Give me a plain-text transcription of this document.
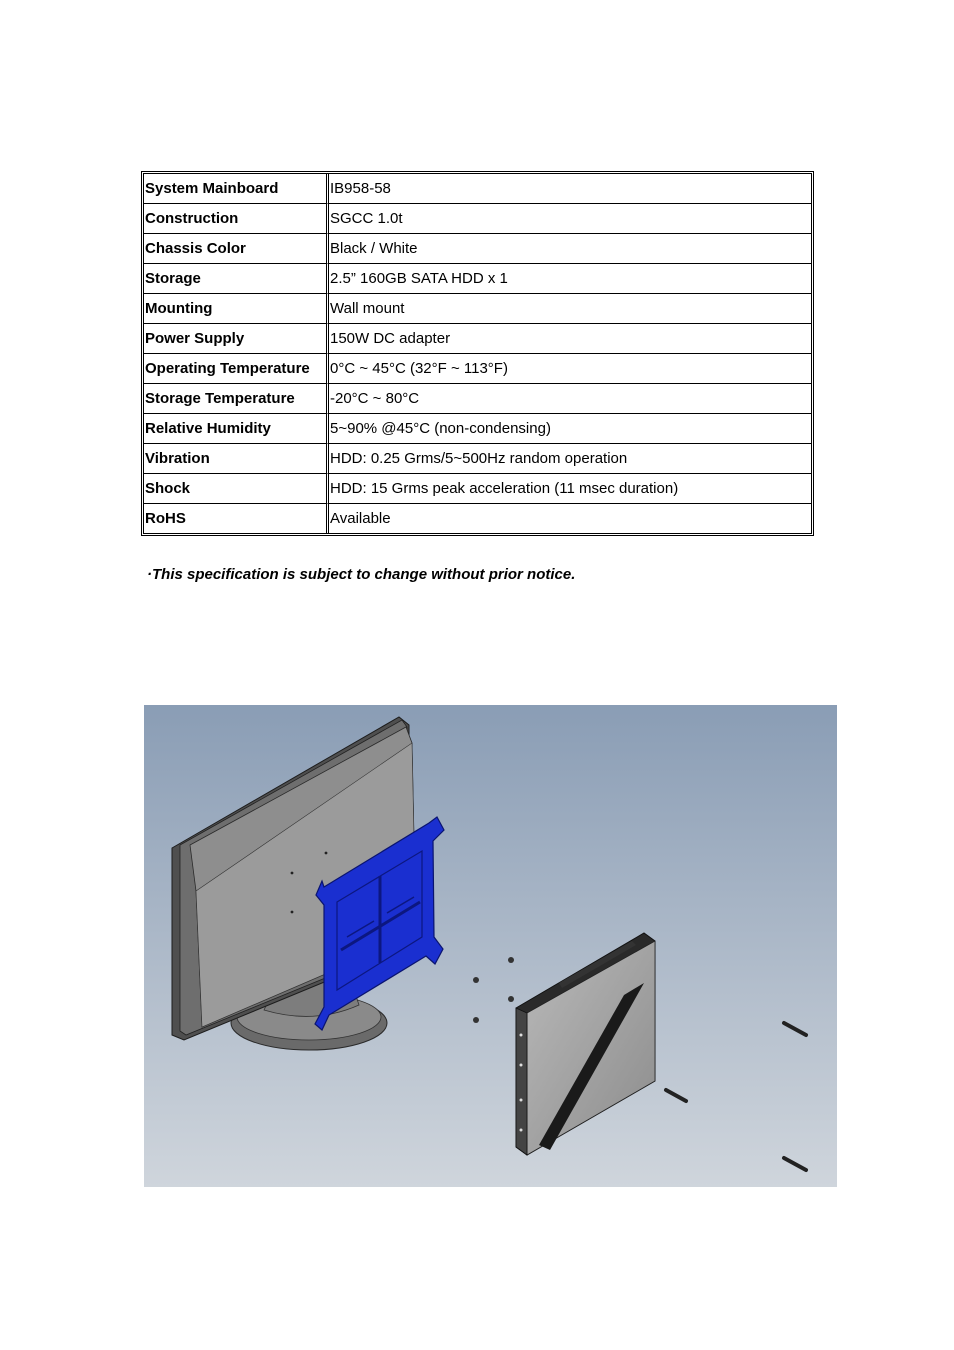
System Mainboard	IB958-58
Construction	SGCC 1.0t
Chassis Color	Black / White
Storage	2.5” 160GB SATA HDD x 1
Mounting	Wall mount
Power Supply	150W DC adapter
Operating Temperature	0°C ~ 45°C (32°F ~ 113°F)
Storage Temperature	-20°C ~ 80°C
Relative Humidity	5~90% @45°C (non-condensing)
Vibration	HDD: 0.25 Grms/5~500Hz random operation
Shock	HDD: 15 Grms peak acceleration (11 msec duration)
RoHS	Available
·This specification is subject to change without prior notice.
